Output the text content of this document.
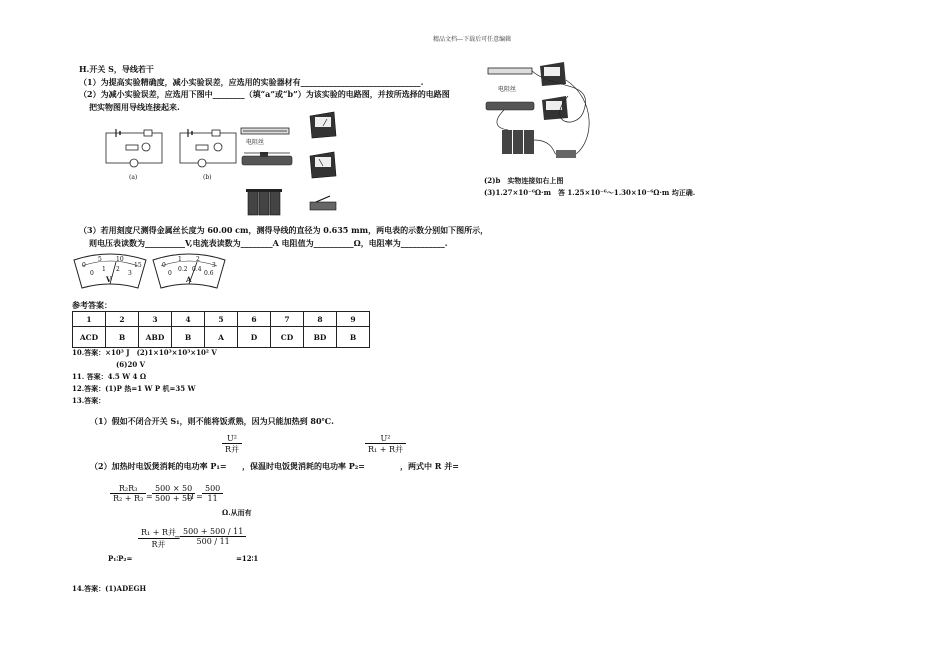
精品文档---下载后可任意编辑
H.开关 S，导线若干
（1）为提高实验精确度，减小实验误差，应选用的实验器材有______________________________.
（2）为减小实验误差，应选用下图中________（填“a”或“b”）为该实验的电路图，并按所选择的电路图
把实物图用导线连接起来.
(a)	(b)
电阻丝
电阻丝
(2)b　实物连接如右上图
(3)1.27×10⁻⁶Ω·m　答 1.25×10⁻⁶～1.30×10⁻⁶Ω·m 均正确.
（3）若用刻度尺测得金属丝长度为 60.00 cm，测得导线的直径为 0.635 mm，两电表的示数分别如下图所示，
则电压表读数为__________V,电流表读数为________A 电阻值为__________Ω，电阻率为___________.
0
5 10
15
0
1 2
3
V
0
1 2
3
0
0.2 0.4
0.6
A
参考答案：
1	2	3	4	5	6	7	8	9
ACD	B	ABD	B	A	D	CD	BD	B
10.答案：×10³ J　(2)1×10³×10³×10² V
(6)20 V
11. 答案：4.5 W 4 Ω
12.答案：(1)P 热=1 W P 机=35 W
13.答案：
（1）假如不闭合开关 S₁，则不能将饭煮熟，因为只能加热到 80℃.
U²
R并
U²
R₁ + R并
（2）加热时电饭煲消耗的电功率 P₁= ，保温时电饭煲消耗的电功率 P₂=	，两式中 R 并=
R₂R₃
R₂ + R₃ =
500 × 50
500 + 50
Ω =
500
11
Ω.从而有
R₁ + R并
R并
=
500 + 500 / 11
500 / 11
P₁∶P₂=	=12∶1
14.答案：(1)ADEGH
